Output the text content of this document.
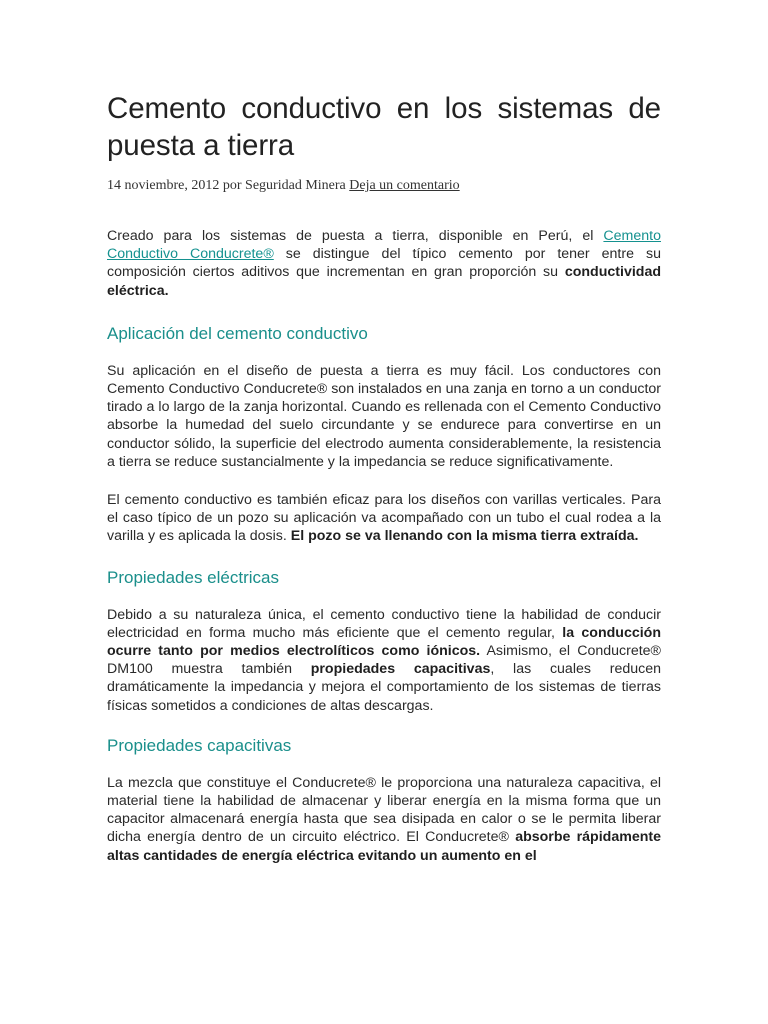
Cemento conductivo en los sistemas de puesta a tierra
14 noviembre, 2012 por Seguridad Minera Deja un comentario

Creado para los sistemas de puesta a tierra, disponible en Perú, el Cemento Conductivo Conducrete® se distingue del típico cemento por tener entre su composición ciertos aditivos que incrementan en gran proporción su conductividad eléctrica.

Aplicación del cemento conductivo

Su aplicación en el diseño de puesta a tierra es muy fácil. Los conductores con Cemento Conductivo Conducrete® son instalados en una zanja en torno a un conductor tirado a lo largo de la zanja horizontal. Cuando es rellenada con el Cemento Conductivo absorbe la humedad del suelo circundante y se endurece para convertirse en un conductor sólido, la superficie del electrodo aumenta considerablemente, la resistencia a tierra se reduce sustancialmente y la impedancia se reduce significativamente.

El cemento conductivo es también eficaz para los diseños con varillas verticales. Para el caso típico de un pozo su aplicación va acompañado con un tubo el cual rodea a la varilla y es aplicada la dosis. El pozo se va llenando con la misma tierra extraída.

Propiedades eléctricas

Debido a su naturaleza única, el cemento conductivo tiene la habilidad de conducir electricidad en forma mucho más eficiente que el cemento regular, la conducción ocurre tanto por medios electrolíticos como iónicos. Asimismo, el Conducrete® DM100 muestra también propiedades capacitivas, las cuales reducen dramáticamente la impedancia y mejora el comportamiento de los sistemas de tierras físicas sometidos a condiciones de altas descargas.

Propiedades capacitivas

La mezcla que constituye el Conducrete® le proporciona una naturaleza capacitiva, el material tiene la habilidad de almacenar y liberar energía en la misma forma que un capacitor almacenará energía hasta que sea disipada en calor o se le permita liberar dicha energía dentro de un circuito eléctrico. El Conducrete® absorbe rápidamente altas cantidades de energía eléctrica evitando un aumento en el
